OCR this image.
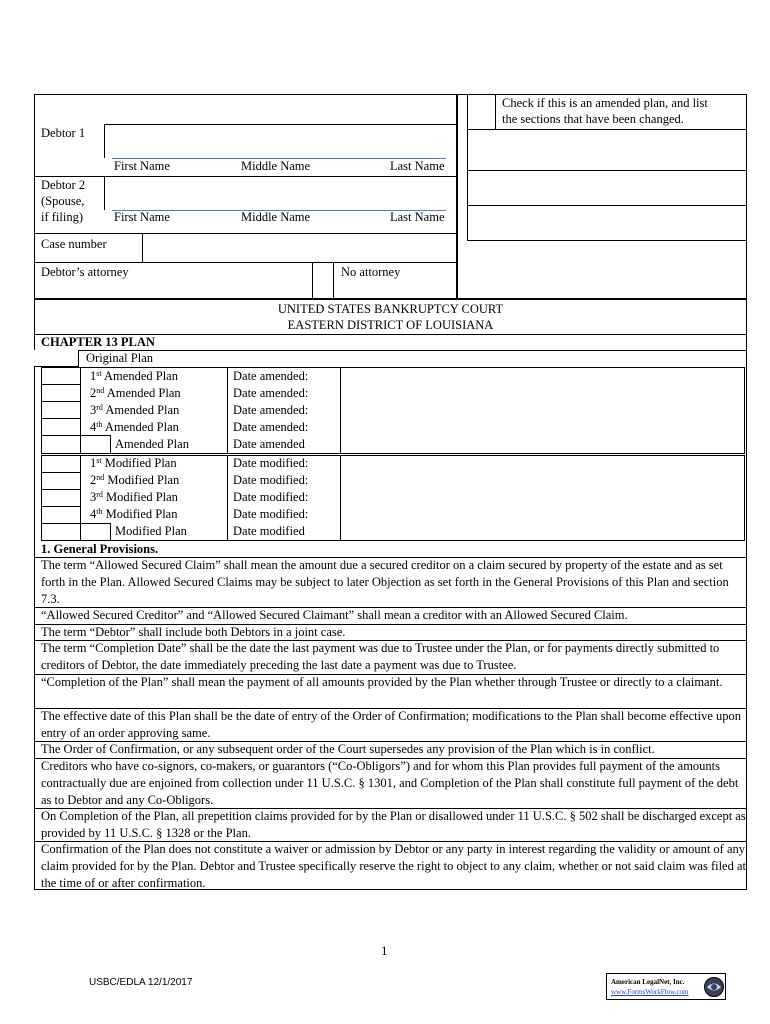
Debtor 1
First Name	Middle Name	Last Name
Debtor 2
(Spouse,
if filing) First Name	Middle Name	Last Name
Case number
Debtor’s attorney	No attorney
Check if this is an amended plan, and list
the sections that have been changed.
UNITED STATES BANKRUPTCY COURT
EASTERN DISTRICT OF LOUISIANA
CHAPTER 13 PLAN
Original Plan
1st Amended Plan	Date amended:
2nd Amended Plan	Date amended:
3rd Amended Plan	Date amended:
4th Amended Plan	Date amended:
Amended Plan	Date amended
1st Modified Plan	Date modified:
2nd Modified Plan	Date modified:
3rd Modified Plan	Date modified:
4th Modified Plan	Date modified:
Modified Plan	Date modified
1. General Provisions.
The term “Allowed Secured Claim” shall mean the amount due a secured creditor on a claim secured by property of the estate and as set forth in the Plan. Allowed Secured Claims may be subject to later Objection as set forth in the General Provisions of this Plan and section 7.3.
“Allowed Secured Creditor” and “Allowed Secured Claimant” shall mean a creditor with an Allowed Secured Claim.
The term “Debtor” shall include both Debtors in a joint case.
The term “Completion Date” shall be the date the last payment was due to Trustee under the Plan, or for payments directly submitted to creditors of Debtor, the date immediately preceding the last date a payment was due to Trustee.
“Completion of the Plan” shall mean the payment of all amounts provided by the Plan whether through Trustee or directly to a claimant.
The effective date of this Plan shall be the date of entry of the Order of Confirmation; modifications to the Plan shall become effective upon entry of an order approving same.
The Order of Confirmation, or any subsequent order of the Court supersedes any provision of the Plan which is in conflict.
Creditors who have co-signors, co-makers, or guarantors (“Co-Obligors”) and for whom this Plan provides full payment of the amounts contractually due are enjoined from collection under 11 U.S.C. § 1301, and Completion of the Plan shall constitute full payment of the debt as to Debtor and any Co-Obligors.
On Completion of the Plan, all prepetition claims provided for by the Plan or disallowed under 11 U.S.C. § 502 shall be discharged except as provided by 11 U.S.C. § 1328 or the Plan.
Confirmation of the Plan does not constitute a waiver or admission by Debtor or any party in interest regarding the validity or amount of any claim provided for by the Plan. Debtor and Trustee specifically reserve the right to object to any claim, whether or not said claim was filed at the time of or after confirmation.
1
USBC/EDLA 12/1/2017	American LegalNet, Inc.
www.FormsWorkFlow.com
